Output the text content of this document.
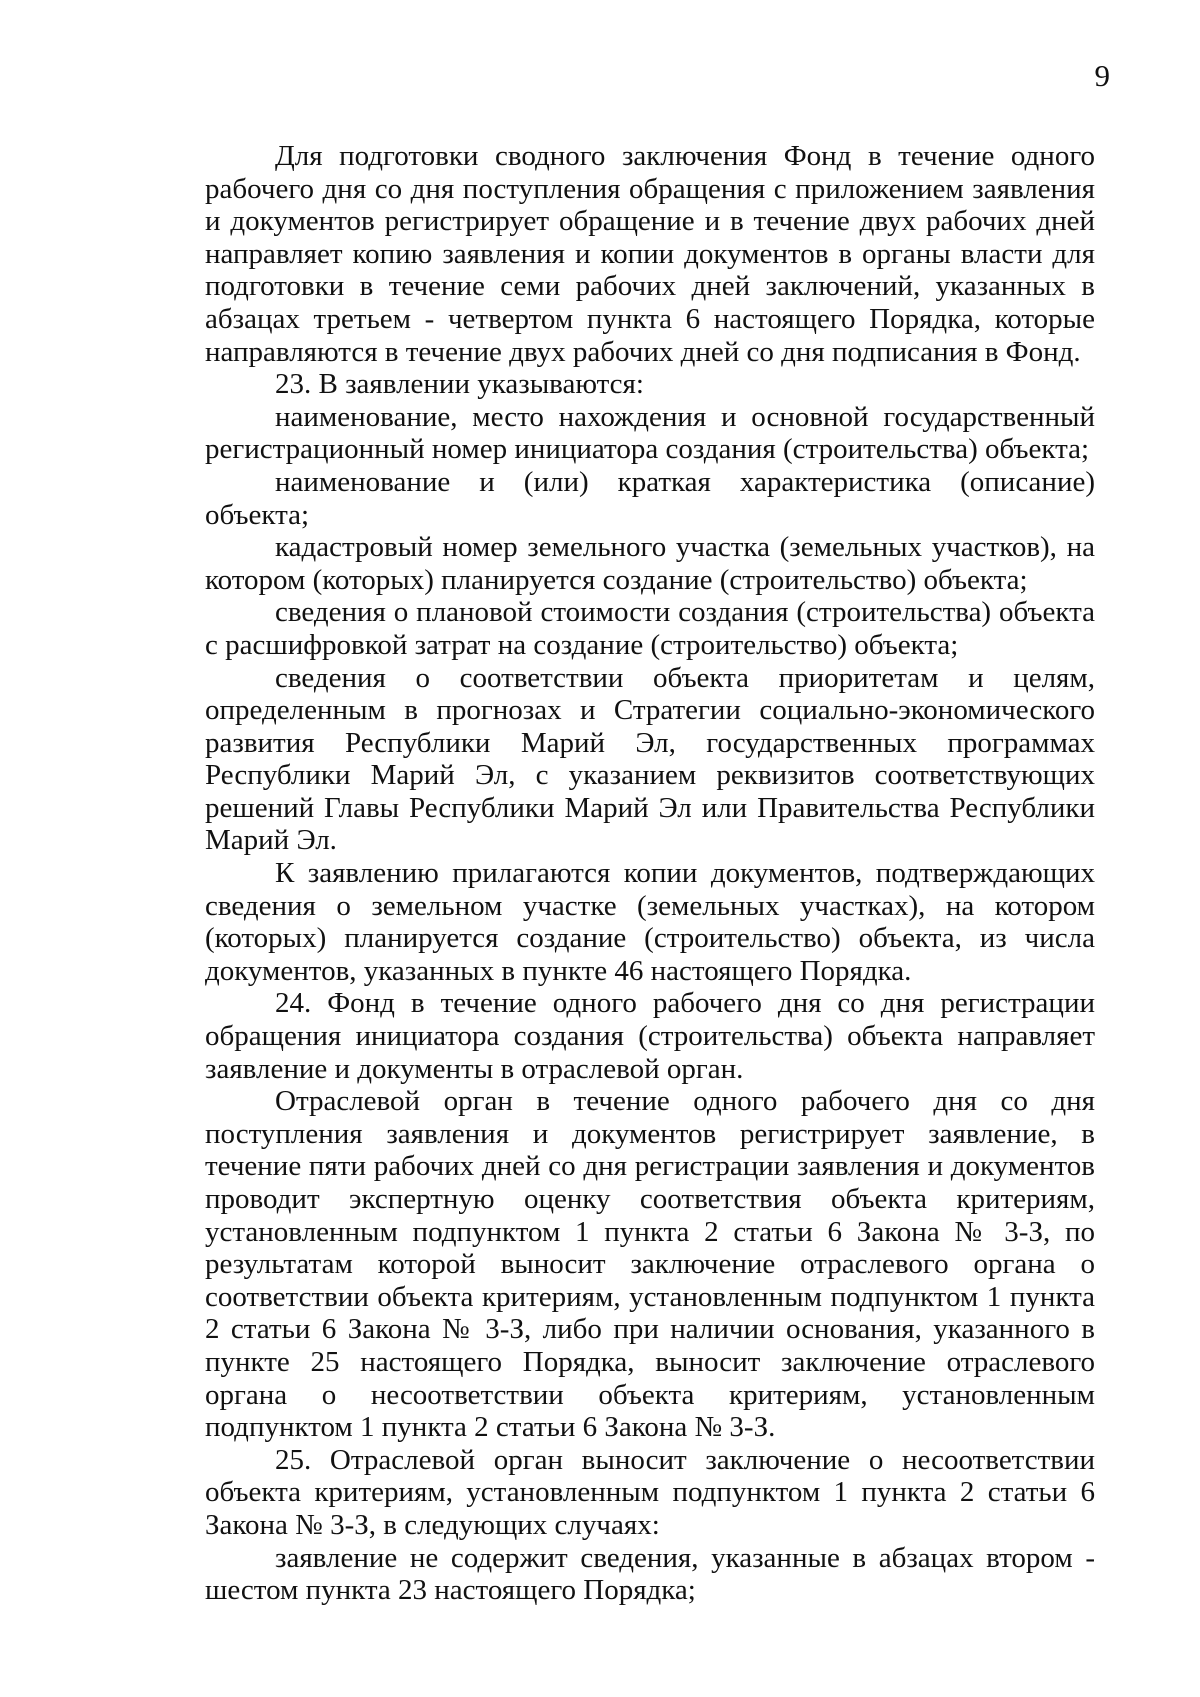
9

Для подготовки сводного заключения Фонд в течение одного рабочего дня со дня поступления обращения с приложением заявления и документов регистрирует обращение и в течение двух рабочих дней направляет копию заявления и копии документов в органы власти для подготовки в течение семи рабочих дней заключений, указанных в абзацах третьем - четвертом пункта 6 настоящего Порядка, которые направляются в течение двух рабочих дней со дня подписания в Фонд.

23. В заявлении указываются:

наименование, место нахождения и основной государственный регистрационный номер инициатора создания (строительства) объекта;

наименование и (или) краткая характеристика (описание) объекта;

кадастровый номер земельного участка (земельных участков), на котором (которых) планируется создание (строительство) объекта;

сведения о плановой стоимости создания (строительства) объекта с расшифровкой затрат на создание (строительство) объекта;

сведения о соответствии объекта приоритетам и целям, определенным в прогнозах и Стратегии социально-экономического развития Республики Марий Эл, государственных программах Республики Марий Эл, с указанием реквизитов соответствующих решений Главы Республики Марий Эл или Правительства Республики Марий Эл.

К заявлению прилагаются копии документов, подтверждающих сведения о земельном участке (земельных участках), на котором (которых) планируется создание (строительство) объекта, из числа документов, указанных в пункте 46 настоящего Порядка.

24. Фонд в течение одного рабочего дня со дня регистрации обращения инициатора создания (строительства) объекта направляет заявление и документы в отраслевой орган.

Отраслевой орган в течение одного рабочего дня со дня поступления заявления и документов регистрирует заявление, в течение пяти рабочих дней со дня регистрации заявления и документов проводит экспертную оценку соответствия объекта критериям, установленным подпунктом 1 пункта 2 статьи 6 Закона № 3-З, по результатам которой выносит заключение отраслевого органа о соответствии объекта критериям, установленным подпунктом 1 пункта 2 статьи 6 Закона № 3-З, либо при наличии основания, указанного в пункте 25 настоящего Порядка, выносит заключение отраслевого органа о несоответствии объекта критериям, установленным подпунктом 1 пункта 2 статьи 6 Закона № 3-З.

25. Отраслевой орган выносит заключение о несоответствии объекта критериям, установленным подпунктом 1 пункта 2 статьи 6 Закона № 3-З, в следующих случаях:

заявление не содержит сведения, указанные в абзацах втором - шестом пункта 23 настоящего Порядка;
